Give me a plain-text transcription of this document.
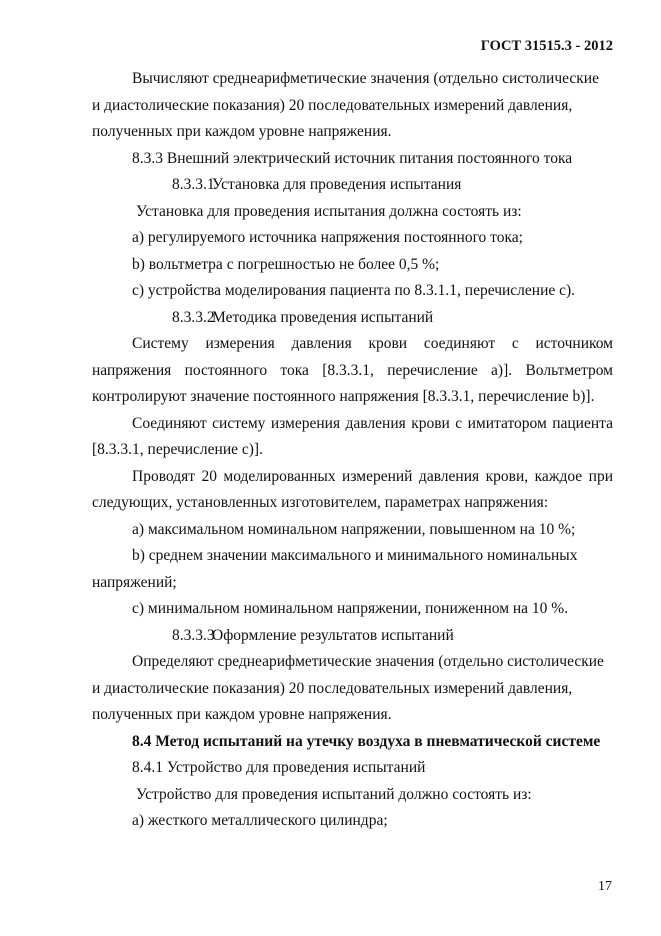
ГОСТ 31515.3 - 2012

Вычисляют среднеарифметические значения (отдельно систолические

и диастолические показания) 20 последовательных измерений давления,

полученных при каждом уровне напряжения.

8.3.3 Внешний электрический источник питания постоянного тока

8.3.3.1Установка для проведения испытания

Установка для проведения испытания должна состоять из:

а) регулируемого источника напряжения постоянного тока;

b) вольтметра с погрешностью не более 0,5 %;

с) устройства моделирования пациента по 8.3.1.1, перечисление с).

8.3.3.2Методика проведения испытаний

Систему измерения давления крови соединяют с источником

напряжения постоянного тока [8.3.3.1, перечисление а)]. Вольтметром

контролируют значение постоянного напряжения [8.3.3.1, перечисление b)].

Соединяют систему измерения давления крови с имитатором пациента

[8.3.3.1, перечисление с)].

Проводят 20 моделированных измерений давления крови, каждое при

следующих, установленных изготовителем, параметрах напряжения:

а) максимальном номинальном напряжении, повышенном на 10 %;

b) среднем значении максимального и минимального номинальных

напряжений;

с) минимальном номинальном напряжении, пониженном на 10 %.

8.3.3.3Оформление результатов испытаний

Определяют среднеарифметические значения (отдельно систолические

и диастолические показания) 20 последовательных измерений давления,

полученных при каждом уровне напряжения.

8.4 Метод испытаний на утечку воздуха в пневматической системе

8.4.1 Устройство для проведения испытаний

Устройство для проведения испытаний должно состоять из:

а) жесткого металлического цилиндра;

17
